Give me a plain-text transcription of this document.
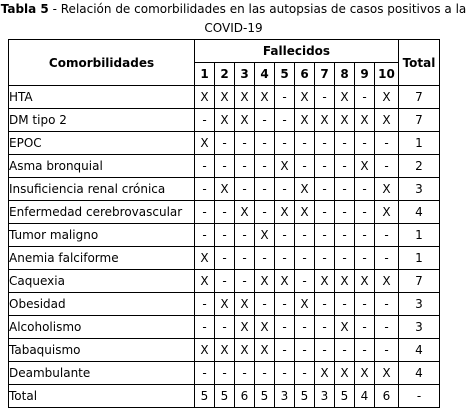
Tabla 5 - Relación de comorbilidades en las autopsias de casos positivos a la
COVID-19
Comorbilidades	Fallecidos										Total
	1	2	3	4	5	6	7	8	9	10	
HTA	X	X	X	X	-	X	-	X	-	X	7
DM tipo 2	-	X	X	-	-	X	X	X	X	X	7
EPOC	X	-	-	-	-	-	-	-	-	-	1
Asma bronquial	-	-	-	-	X	-	-	-	X	-	2
Insuficiencia renal crónica	-	X	-	-	-	X	-	-	-	X	3
Enfermedad cerebrovascular	-	-	X	-	X	X	-	-	-	X	4
Tumor maligno	-	-	-	X	-	-	-	-	-	-	1
Anemia falciforme	X	-	-	-	-	-	-	-	-	-	1
Caquexia	X	-	-	X	X	-	X	X	X	X	7
Obesidad	-	X	X	-	-	X	-	-	-	-	3
Alcoholismo	-	-	X	X	-	-	-	X	-	-	3
Tabaquismo	X	X	X	X	-	-	-	-	-	-	4
Deambulante	-	-	-	-	-	-	X	X	X	X	4
Total	5	5	6	5	3	5	3	5	4	6	-
